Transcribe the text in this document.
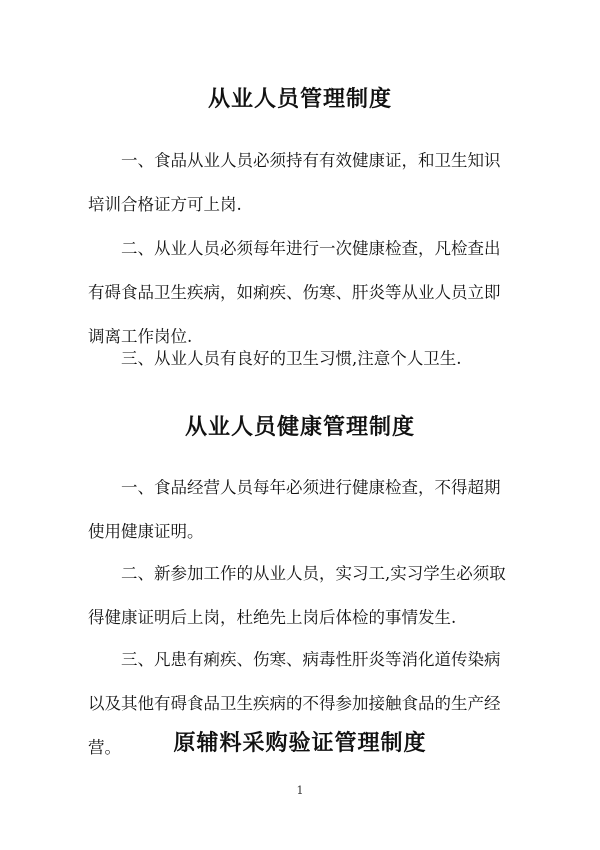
从业人员管理制度

一、食品从业人员必须持有有效健康证，和卫生知识培训合格证方可上岗.

二、从业人员必须每年进行一次健康检查，凡检查出有碍食品卫生疾病，如痢疾、伤寒、肝炎等从业人员立即调离工作岗位.

三、从业人员有良好的卫生习惯,注意个人卫生.

从业人员健康管理制度

一、食品经营人员每年必须进行健康检查，不得超期使用健康证明。

二、新参加工作的从业人员，实习工,实习学生必须取得健康证明后上岗，杜绝先上岗后体检的事情发生.

三、凡患有痢疾、伤寒、病毒性肝炎等消化道传染病以及其他有碍食品卫生疾病的不得参加接触食品的生产经营。	原辅料采购验证管理制度
1
